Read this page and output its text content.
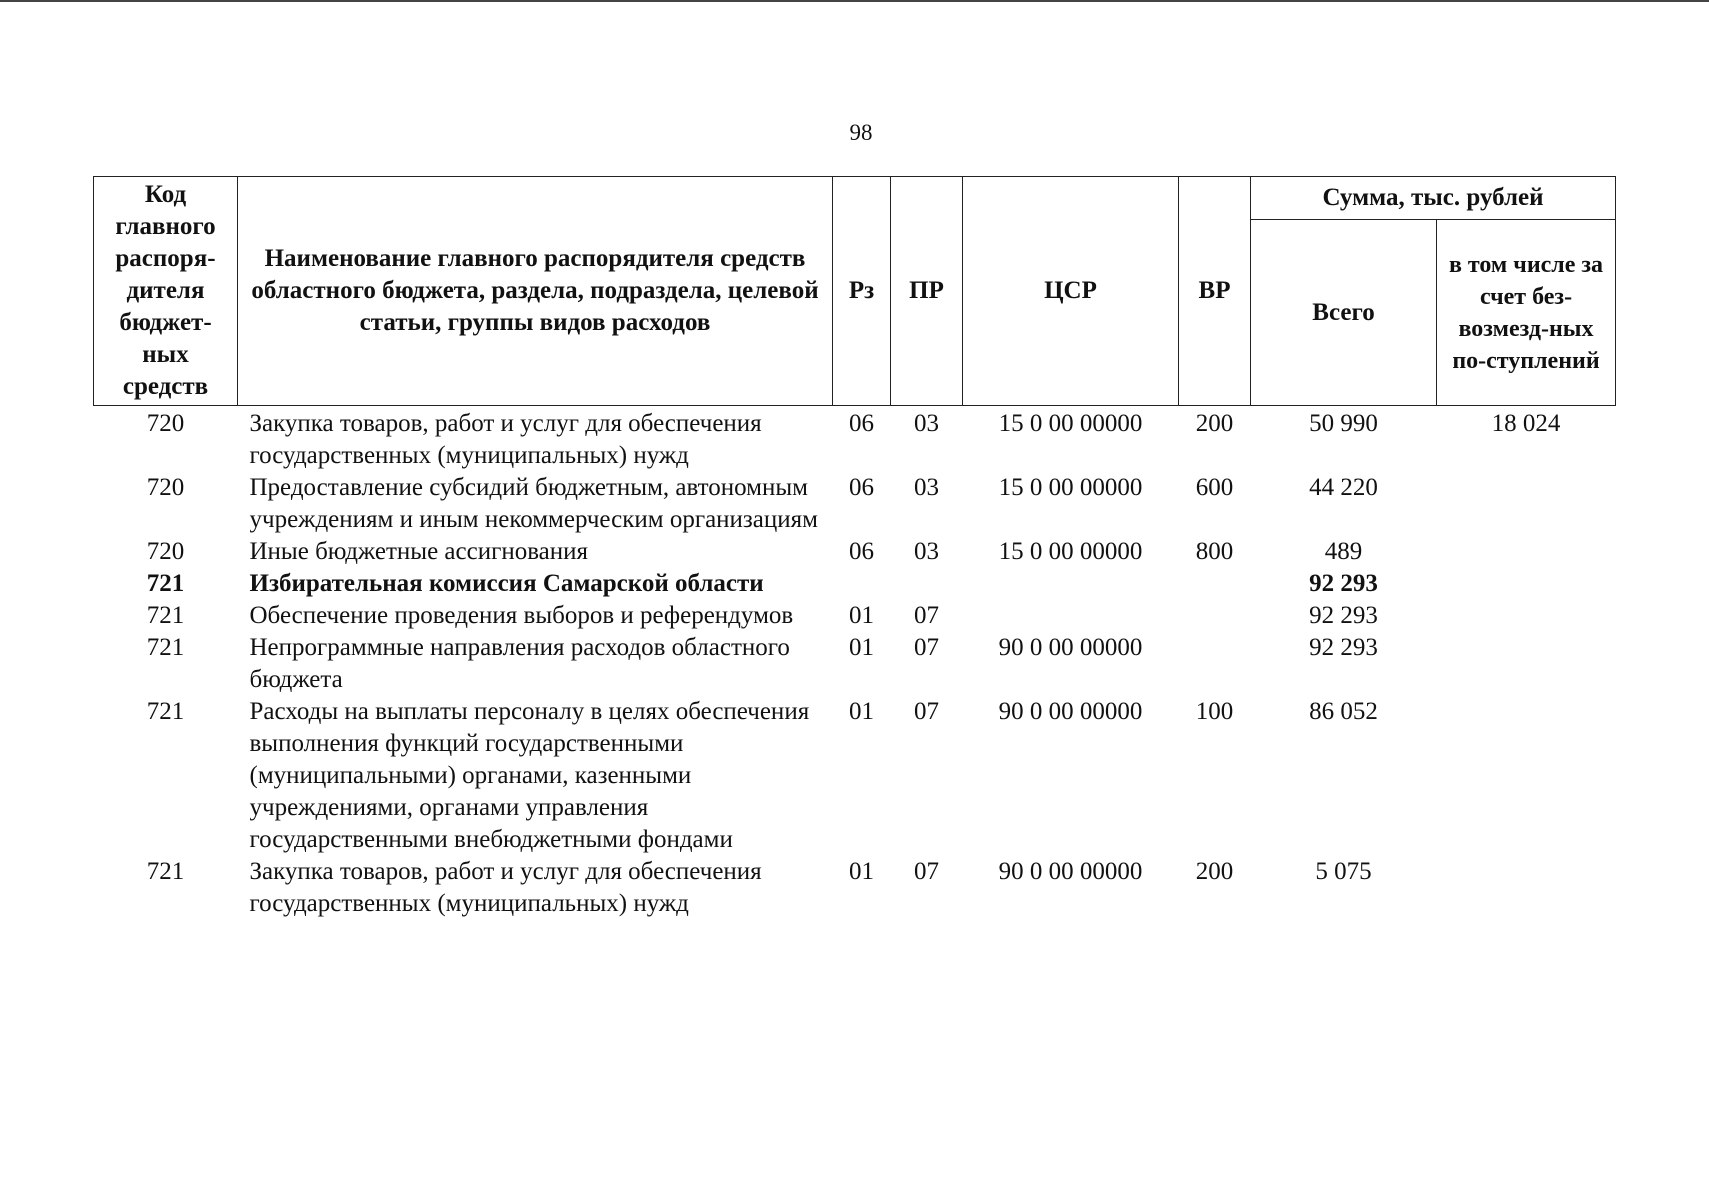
98
Код главного распоря-дителя бюджет-ных средств	Наименование главного распорядителя средств областного бюджета, раздела, подраздела, целевой статьи, группы видов расходов	Рз	ПР	ЦСР	ВР	Сумма, тыс. рублей	
						Всего	в том числе за счет без-возмезд-ных по-ступлений
720	Закупка товаров, работ и услуг для обеспечения государственных (муниципальных) нужд	06	03	15 0 00 00000	200	50 990	18 024
720	Предоставление субсидий бюджетным, автономным учреждениям и иным некоммерческим организациям	06	03	15 0 00 00000	600	44 220	
720	Иные бюджетные ассигнования	06	03	15 0 00 00000	800	489	
721	Избирательная комиссия Самарской области					92 293	
721	Обеспечение проведения выборов и референдумов	01	07			92 293	
721	Непрограммные направления расходов областного бюджета	01	07	90 0 00 00000		92 293	
721	Расходы на выплаты персоналу в целях обеспечения выполнения функций государственными (муниципальными) органами, казенными учреждениями, органами управления государственными внебюджетными фондами	01	07	90 0 00 00000	100	86 052	
721	Закупка товаров, работ и услуг для обеспечения государственных (муниципальных) нужд	01	07	90 0 00 00000	200	5 075	
